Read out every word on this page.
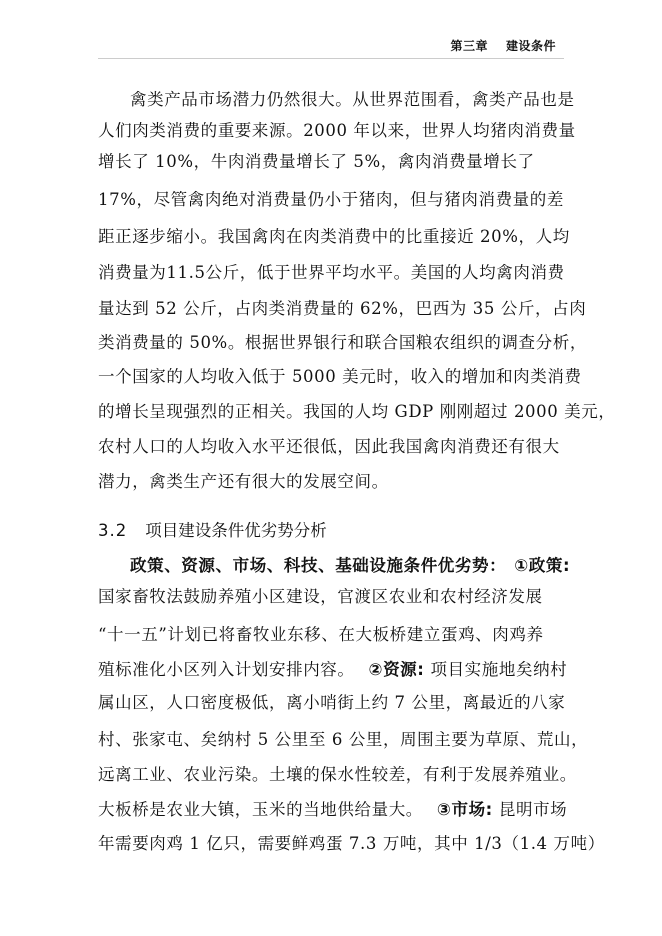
第三章 建设条件
禽类产品市场潜力仍然很大。从世界范围看，禽类产品也是
人们肉类消费的重要来源。2000 年以来，世界人均猪肉消费量
增长了 10%，牛肉消费量增长了 5%，禽肉消费量增长了
17%，尽管禽肉绝对消费量仍小于猪肉，但与猪肉消费量的差
距正逐步缩小。我国禽肉在肉类消费中的比重接近 20%，人均
消费量为11.5公斤，低于世界平均水平。美国的人均禽肉消费
量达到 52 公斤，占肉类消费量的 62%，巴西为 35 公斤，占肉
类消费量的 50%。根据世界银行和联合国粮农组织的调查分析，
一个国家的人均收入低于 5000 美元时，收入的增加和肉类消费
的增长呈现强烈的正相关。我国的人均 GDP 刚刚超过 2000 美元，
农村人口的人均收入水平还很低，因此我国禽肉消费还有很大
潜力，禽类生产还有很大的发展空间。
3.2 项目建设条件优劣势分析
政策、资源、市场、科技、基础设施条件优劣势： ①政策:
国家畜牧法鼓励养殖小区建设，官渡区农业和农村经济发展
“十一五”计划已将畜牧业东移、在大板桥建立蛋鸡、肉鸡养
殖标准化小区列入计划安排内容。 ②资源: 项目实施地矣纳村
属山区，人口密度极低，离小哨街上约 7 公里，离最近的八家
村、张家屯、矣纳村 5 公里至 6 公里，周围主要为草原、荒山，
远离工业、农业污染。土壤的保水性较差，有利于发展养殖业。
大板桥是农业大镇，玉米的当地供给量大。 ③市场: 昆明市场
年需要肉鸡 1 亿只，需要鲜鸡蛋 7.3 万吨，其中 1/3（1.4 万吨）
